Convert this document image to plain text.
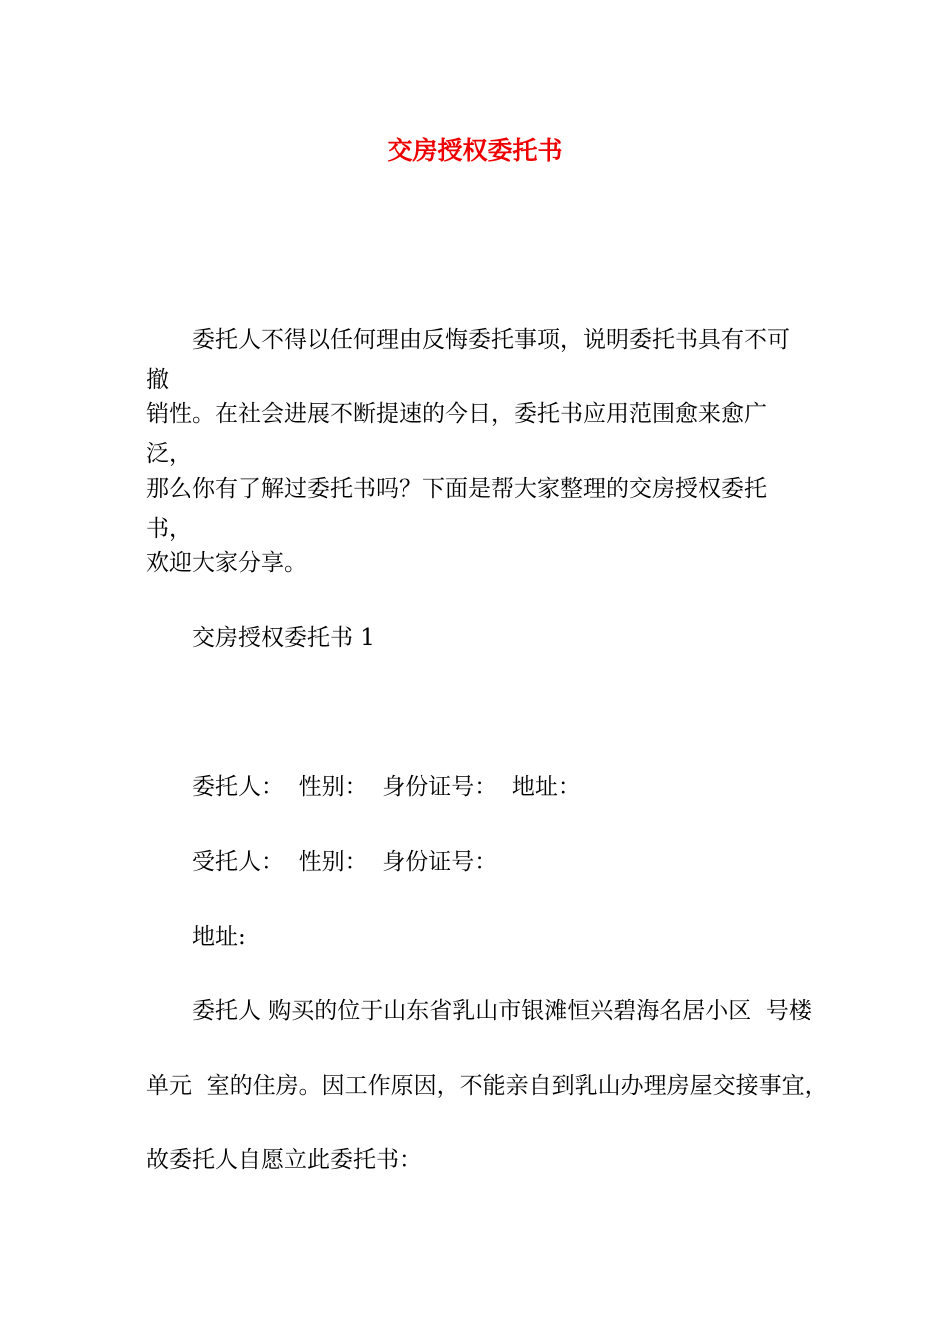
交房授权委托书

委托人不得以任何理由反悔委托事项，说明委托书具有不可撤

销性。在社会进展不断提速的今日，委托书应用范围愈来愈广泛，

那么你有了解过委托书吗？下面是帮大家整理的交房授权委托书，

欢迎大家分享。

交房授权委托书 1

委托人：  性别：  身份证号：  地址：

受托人：  性别：  身份证号：

地址:

委托人 购买的位于山东省乳山市银滩恒兴碧海名居小区  号楼

单元  室的住房。因工作原因，不能亲自到乳山办理房屋交接事宜，

故委托人自愿立此委托书：
